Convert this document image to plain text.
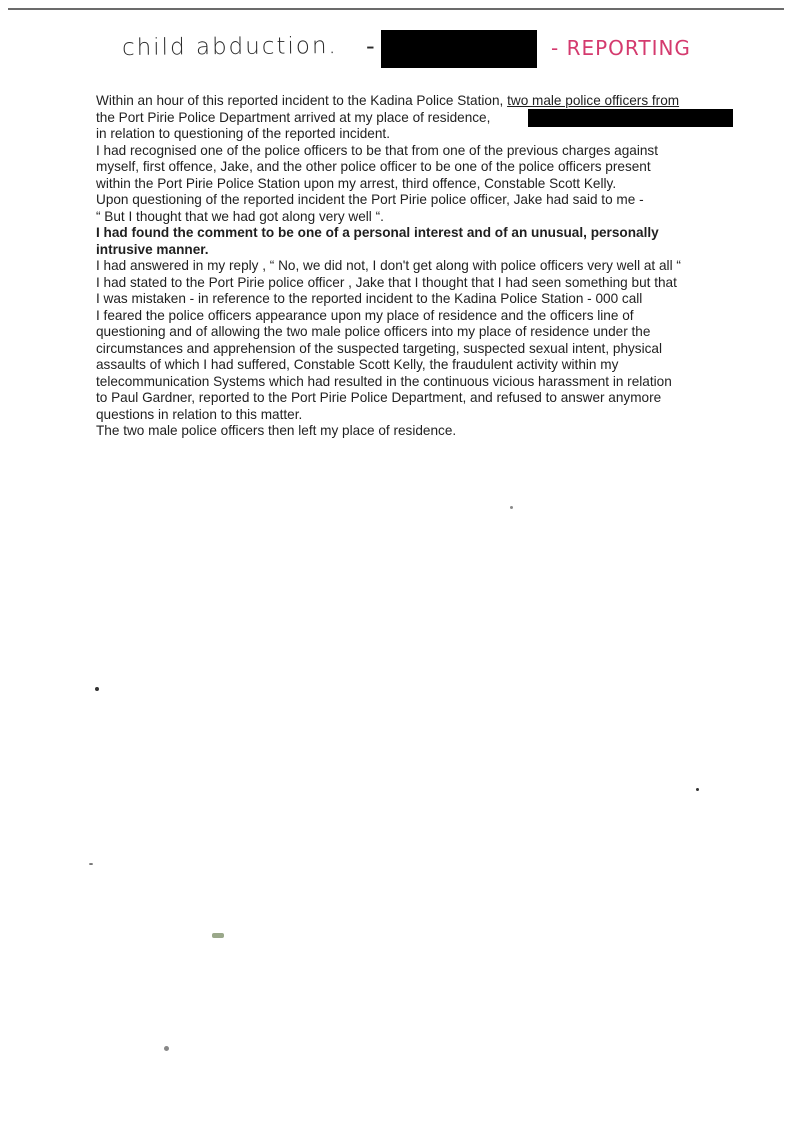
child abduction. -	- REPORTING
Within an hour of this reported incident to the Kadina Police Station, two male police officers from
the Port Pirie Police Department arrived at my place of residence,
in relation to questioning of the reported incident.
I had recognised one of the police officers to be that from one of the previous charges against
myself, first offence, Jake, and the other police officer to be one of the police officers present
within the Port Pirie Police Station upon my arrest, third offence, Constable Scott Kelly.
Upon questioning of the reported incident the Port Pirie police officer, Jake had said to me -
“ But I thought that we had got along very well “.
I had found the comment to be one of a personal interest and of an unusual, personally
intrusive manner.
I had answered in my reply , “ No, we did not, I don't get along with police officers very well at all “
I had stated to the Port Pirie police officer , Jake that I thought that I had seen something but that
I was mistaken - in reference to the reported incident to the Kadina Police Station - 000 call
I feared the police officers appearance upon my place of residence and the officers line of
questioning and of allowing the two male police officers into my place of residence under the
circumstances and apprehension of the suspected targeting, suspected sexual intent, physical
assaults of which I had suffered, Constable Scott Kelly, the fraudulent activity within my
telecommunication Systems which had resulted in the continuous vicious harassment in relation
to Paul Gardner, reported to the Port Pirie Police Department, and refused to answer anymore
questions in relation to this matter.
The two male police officers then left my place of residence.
